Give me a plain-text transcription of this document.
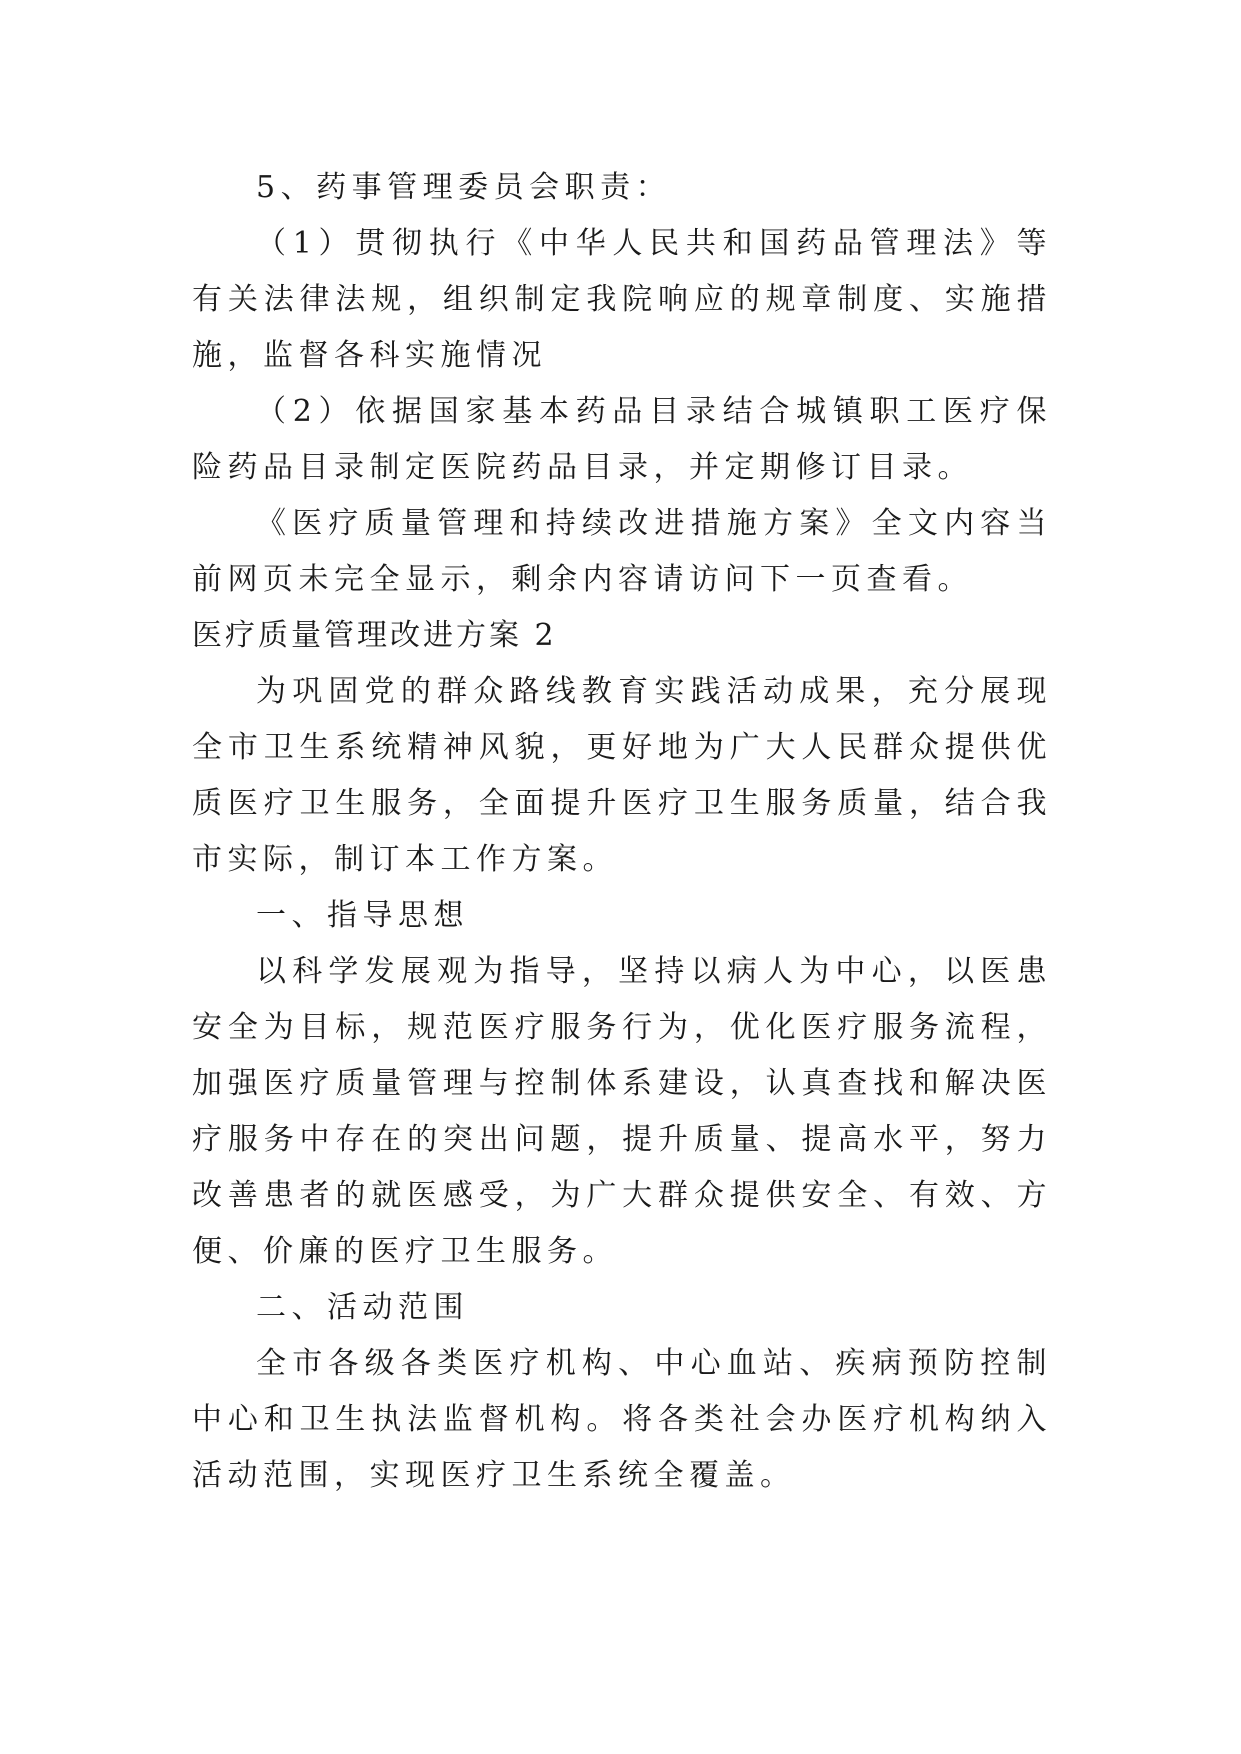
5、药事管理委员会职责：

（1）贯彻执行《中华人民共和国药品管理法》等有关法律法规，组织制定我院响应的规章制度、实施措施，监督各科实施情况

（2）依据国家基本药品目录结合城镇职工医疗保险药品目录制定医院药品目录，并定期修订目录。

《医疗质量管理和持续改进措施方案》全文内容当前网页未完全显示，剩余内容请访问下一页查看。

医疗质量管理改进方案 2

为巩固党的群众路线教育实践活动成果，充分展现全市卫生系统精神风貌，更好地为广大人民群众提供优质医疗卫生服务，全面提升医疗卫生服务质量，结合我市实际，制订本工作方案。

一、指导思想

以科学发展观为指导，坚持以病人为中心，以医患安全为目标，规范医疗服务行为，优化医疗服务流程，加强医疗质量管理与控制体系建设，认真查找和解决医疗服务中存在的突出问题，提升质量、提高水平，努力改善患者的就医感受，为广大群众提供安全、有效、方便、价廉的医疗卫生服务。

二、活动范围

全市各级各类医疗机构、中心血站、疾病预防控制中心和卫生执法监督机构。将各类社会办医疗机构纳入活动范围，实现医疗卫生系统全覆盖。
